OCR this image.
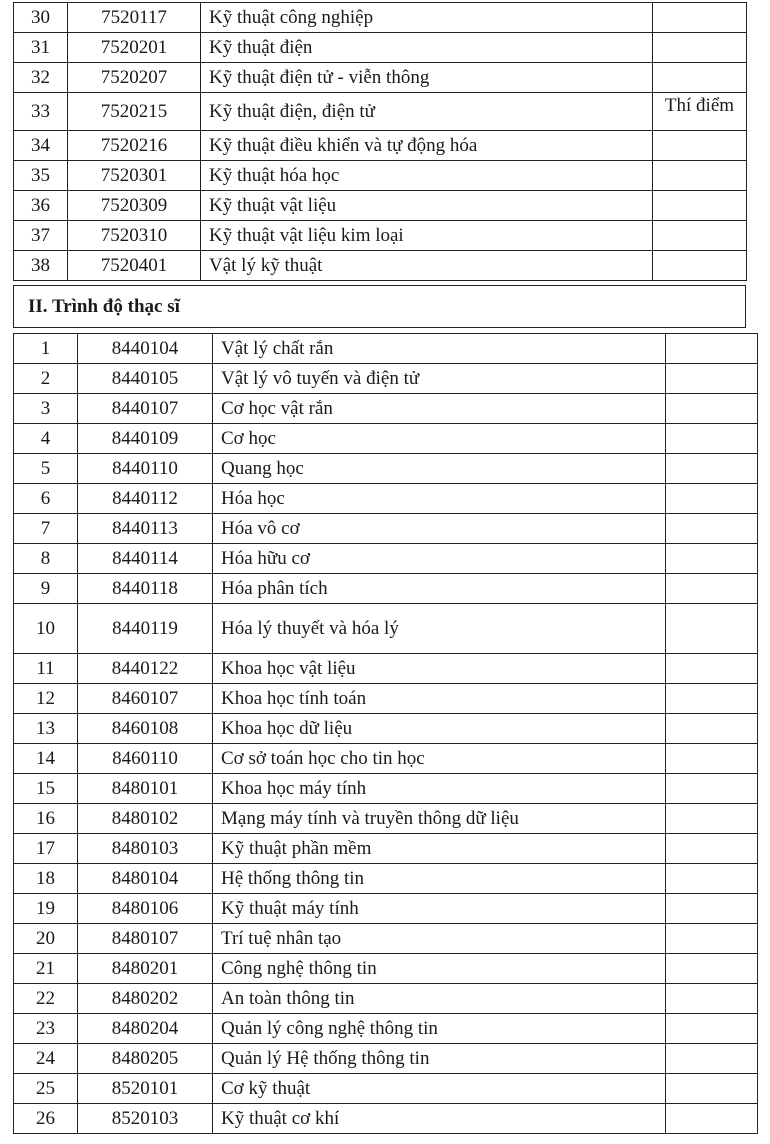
30	7520117	Kỹ thuật công nghiệp	
31	7520201	Kỹ thuật điện	
32	7520207	Kỹ thuật điện tử - viễn thông	
33	7520215	Kỹ thuật điện, điện tử	Thí điểm
34	7520216	Kỹ thuật điều khiển và tự động hóa	
35	7520301	Kỹ thuật hóa học	
36	7520309	Kỹ thuật vật liệu	
37	7520310	Kỹ thuật vật liệu kim loại	
38	7520401	Vật lý kỹ thuật	
II. Trình độ thạc sĩ
1	8440104	Vật lý chất rắn	
2	8440105	Vật lý vô tuyến và điện tử	
3	8440107	Cơ học vật rắn	
4	8440109	Cơ học	
5	8440110	Quang học	
6	8440112	Hóa học	
7	8440113	Hóa vô cơ	
8	8440114	Hóa hữu cơ	
9	8440118	Hóa phân tích	
10	8440119	Hóa lý thuyết và hóa lý	
11	8440122	Khoa học vật liệu	
12	8460107	Khoa học tính toán	
13	8460108	Khoa học dữ liệu	
14	8460110	Cơ sở toán học cho tin học	
15	8480101	Khoa học máy tính	
16	8480102	Mạng máy tính và truyền thông dữ liệu	
17	8480103	Kỹ thuật phần mềm	
18	8480104	Hệ thống thông tin	
19	8480106	Kỹ thuật máy tính	
20	8480107	Trí tuệ nhân tạo	
21	8480201	Công nghệ thông tin	
22	8480202	An toàn thông tin	
23	8480204	Quản lý công nghệ thông tin	
24	8480205	Quản lý Hệ thống thông tin	
25	8520101	Cơ kỹ thuật	
26	8520103	Kỹ thuật cơ khí	
